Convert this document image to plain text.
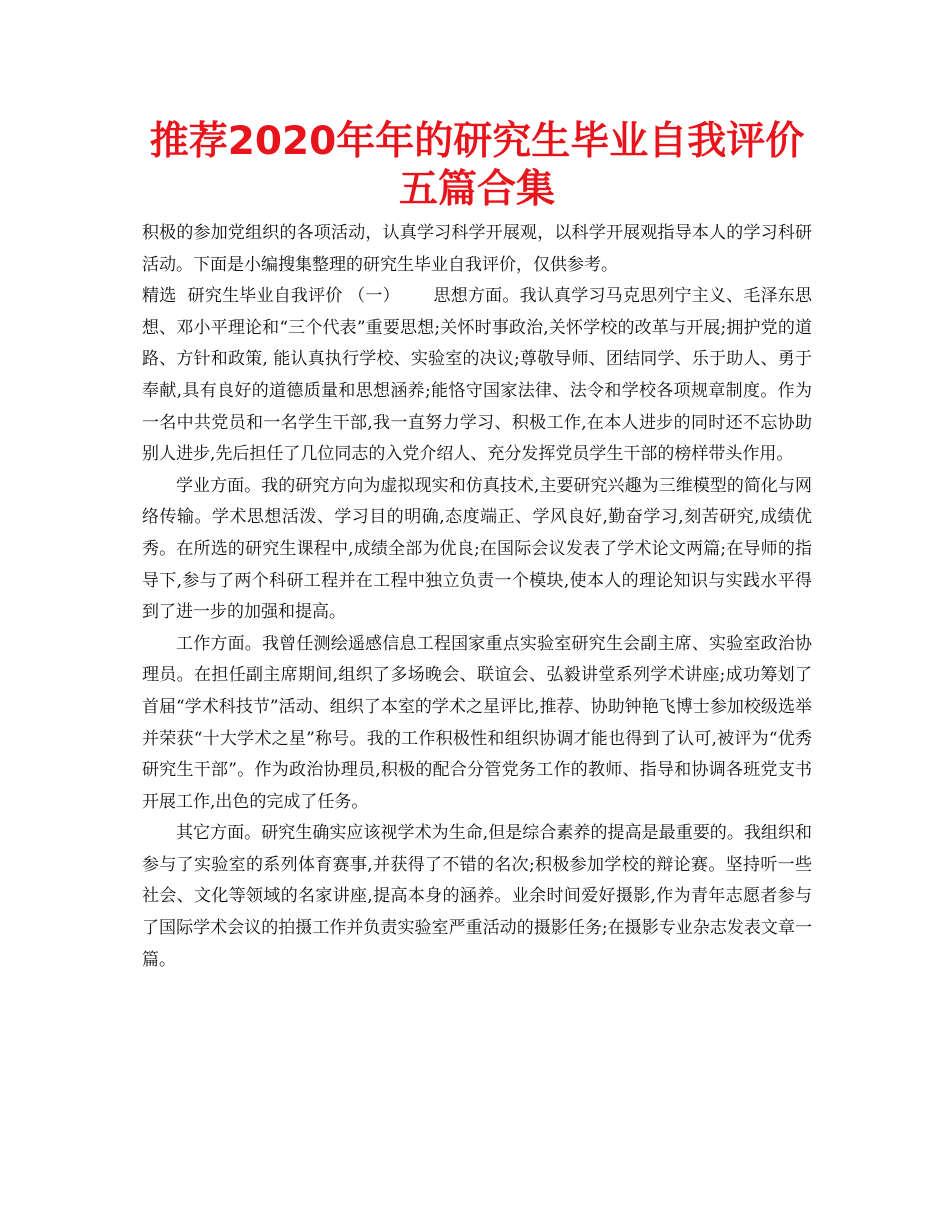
推荐2020年年的研究生毕业自我评价五篇合集

积极的参加党组织的各项活动，认真学习科学开展观，以科学开展观指导本人的学习科研活动。下面是小编搜集整理的研究生毕业自我评价，仅供参考。

精选  研究生毕业自我评价 （一） 思想方面。我认真学习马克思列宁主义、毛泽东思想、邓小平理论和“三个代表”重要思想;关怀时事政治,关怀学校的改革与开展;拥护党的道路、方针和政策, 能认真执行学校、实验室的决议;尊敬导师、团结同学、乐于助人、勇于奉献,具有良好的道德质量和思想涵养;能恪守国家法律、法令和学校各项规章制度。作为一名中共党员和一名学生干部,我一直努力学习、积极工作,在本人进步的同时还不忘协助别人进步,先后担任了几位同志的入党介绍人、充分发挥党员学生干部的榜样带头作用。

学业方面。我的研究方向为虚拟现实和仿真技术,主要研究兴趣为三维模型的简化与网络传输。学术思想活泼、学习目的明确,态度端正、学风良好,勤奋学习,刻苦研究,成绩优秀。在所选的研究生课程中,成绩全部为优良;在国际会议发表了学术论文两篇;在导师的指导下,参与了两个科研工程并在工程中独立负责一个模块,使本人的理论知识与实践水平得到了进一步的加强和提高。

工作方面。我曾任测绘遥感信息工程国家重点实验室研究生会副主席、实验室政治协理员。在担任副主席期间,组织了多场晚会、联谊会、弘毅讲堂系列学术讲座;成功筹划了首届“学术科技节”活动、组织了本室的学术之星评比,推荐、协助钟艳飞博士参加校级选举并荣获“十大学术之星”称号。我的工作积极性和组织协调才能也得到了认可,被评为“优秀研究生干部”。作为政治协理员,积极的配合分管党务工作的教师、指导和协调各班党支书开展工作,出色的完成了任务。

其它方面。研究生确实应该视学术为生命,但是综合素养的提高是最重要的。我组织和参与了实验室的系列体育赛事,并获得了不错的名次;积极参加学校的辩论赛。坚持听一些社会、文化等领域的名家讲座,提高本身的涵养。业余时间爱好摄影,作为青年志愿者参与了国际学术会议的拍摄工作并负责实验室严重活动的摄影任务;在摄影专业杂志发表文章一篇。
